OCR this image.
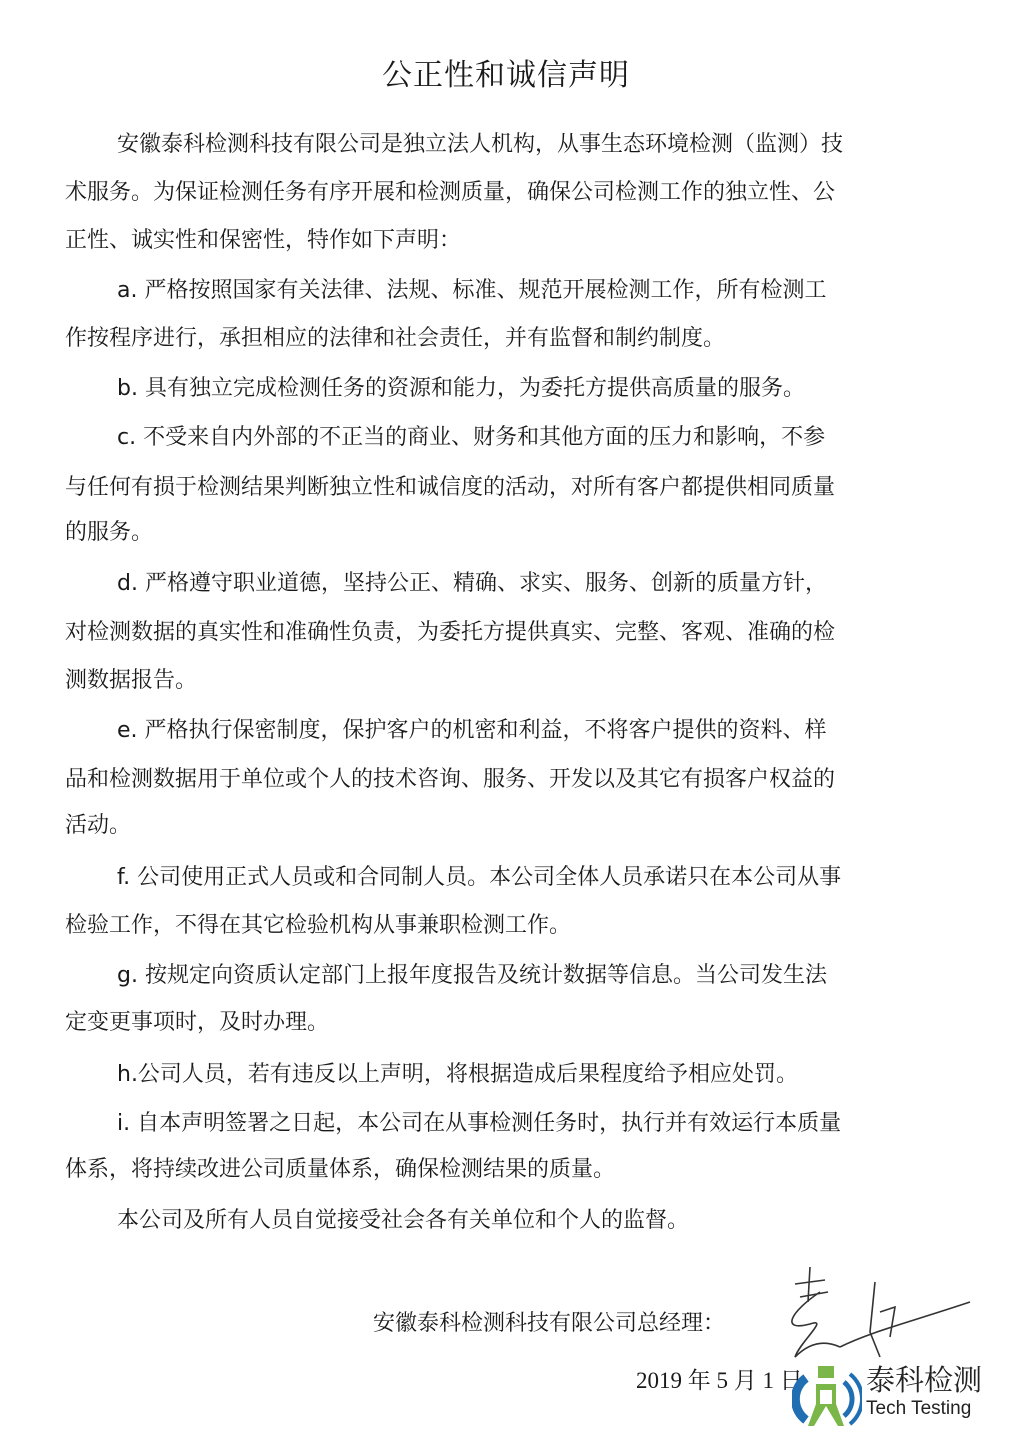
公正性和诚信声明
安徽泰科检测科技有限公司是独立法人机构，从事生态环境检测（监测）技
术服务。为保证检测任务有序开展和检测质量，确保公司检测工作的独立性、公
正性、诚实性和保密性，特作如下声明：
a. 严格按照国家有关法律、法规、标准、规范开展检测工作，所有检测工
作按程序进行，承担相应的法律和社会责任，并有监督和制约制度。
b. 具有独立完成检测任务的资源和能力，为委托方提供高质量的服务。
c. 不受来自内外部的不正当的商业、财务和其他方面的压力和影响，不参
与任何有损于检测结果判断独立性和诚信度的活动，对所有客户都提供相同质量
的服务。
d. 严格遵守职业道德，坚持公正、精确、求实、服务、创新的质量方针，
对检测数据的真实性和准确性负责，为委托方提供真实、完整、客观、准确的检
测数据报告。
e. 严格执行保密制度，保护客户的机密和利益，不将客户提供的资料、样
品和检测数据用于单位或个人的技术咨询、服务、开发以及其它有损客户权益的
活动。
f. 公司使用正式人员或和合同制人员。本公司全体人员承诺只在本公司从事
检验工作，不得在其它检验机构从事兼职检测工作。
g. 按规定向资质认定部门上报年度报告及统计数据等信息。当公司发生法
定变更事项时，及时办理。
h.公司人员，若有违反以上声明，将根据造成后果程度给予相应处罚。
i. 自本声明签署之日起，本公司在从事检测任务时，执行并有效运行本质量
体系，将持续改进公司质量体系，确保检测结果的质量。
本公司及所有人员自觉接受社会各有关单位和个人的监督。
安徽泰科检测科技有限公司总经理：
2019 年 5 月 1 日 泰科检测
Tech Testing
